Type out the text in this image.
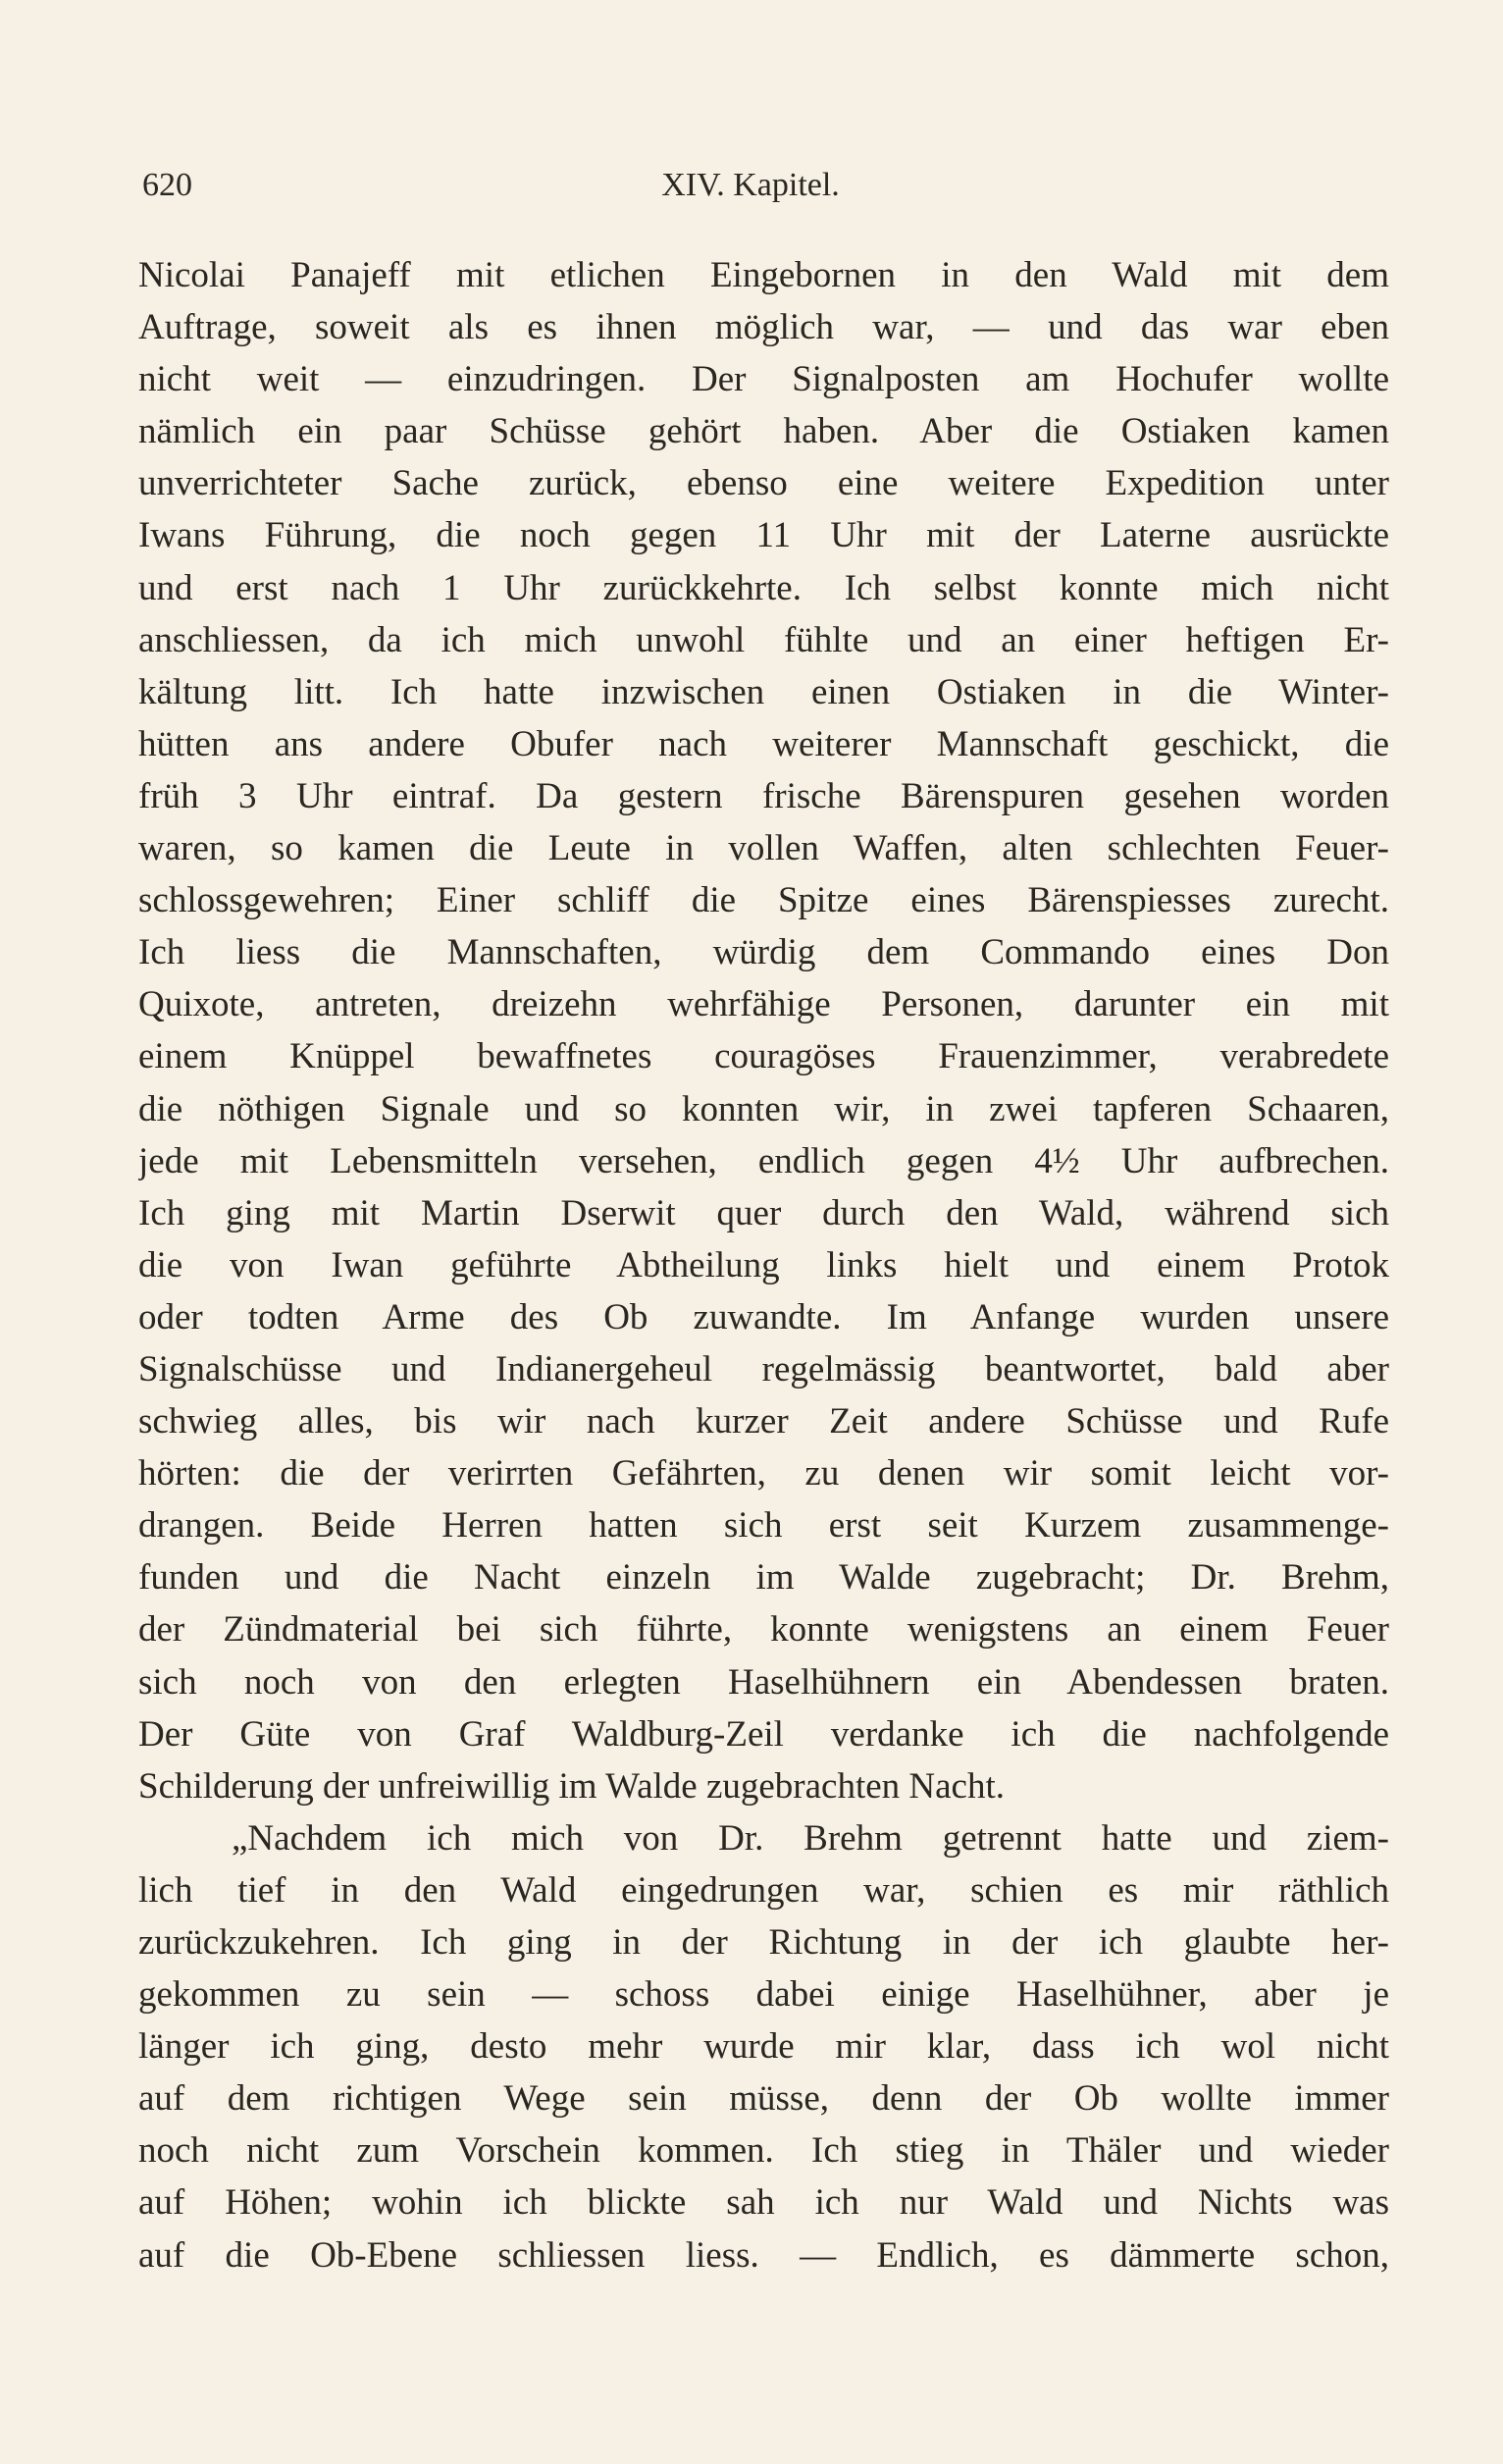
620	XIV. Kapitel.
Nicolai Panajeff mit etlichen Eingebornen in den Wald mit dem
Auftrage, soweit als es ihnen möglich war, — und das war eben
nicht weit — einzudringen. Der Signalposten am Hochufer wollte
nämlich ein paar Schüsse gehört haben. Aber die Ostiaken kamen
unverrichteter Sache zurück, ebenso eine weitere Expedition unter
Iwans Führung, die noch gegen 11 Uhr mit der Laterne ausrückte
und erst nach 1 Uhr zurückkehrte. Ich selbst konnte mich nicht
anschliessen, da ich mich unwohl fühlte und an einer heftigen Er-
kältung litt. Ich hatte inzwischen einen Ostiaken in die Winter-
hütten ans andere Obufer nach weiterer Mannschaft geschickt, die
früh 3 Uhr eintraf. Da gestern frische Bärenspuren gesehen worden
waren, so kamen die Leute in vollen Waffen, alten schlechten Feuer-
schlossgewehren; Einer schliff die Spitze eines Bärenspiesses zurecht.
Ich liess die Mannschaften, würdig dem Commando eines Don
Quixote, antreten, dreizehn wehrfähige Personen, darunter ein mit
einem Knüppel bewaffnetes couragöses Frauenzimmer, verabredete
die nöthigen Signale und so konnten wir, in zwei tapferen Schaaren,
jede mit Lebensmitteln versehen, endlich gegen 4½ Uhr aufbrechen.
Ich ging mit Martin Dserwit quer durch den Wald, während sich
die von Iwan geführte Abtheilung links hielt und einem Protok
oder todten Arme des Ob zuwandte. Im Anfange wurden unsere
Signalschüsse und Indianergeheul regelmässig beantwortet, bald aber
schwieg alles, bis wir nach kurzer Zeit andere Schüsse und Rufe
hörten: die der verirrten Gefährten, zu denen wir somit leicht vor-
drangen. Beide Herren hatten sich erst seit Kurzem zusammenge-
funden und die Nacht einzeln im Walde zugebracht; Dr. Brehm,
der Zündmaterial bei sich führte, konnte wenigstens an einem Feuer
sich noch von den erlegten Haselhühnern ein Abendessen braten.
Der Güte von Graf Waldburg-Zeil verdanke ich die nachfolgende
Schilderung der unfreiwillig im Walde zugebrachten Nacht.
„Nachdem ich mich von Dr. Brehm getrennt hatte und ziem-
lich tief in den Wald eingedrungen war, schien es mir räthlich
zurückzukehren. Ich ging in der Richtung in der ich glaubte her-
gekommen zu sein — schoss dabei einige Haselhühner, aber je
länger ich ging, desto mehr wurde mir klar, dass ich wol nicht
auf dem richtigen Wege sein müsse, denn der Ob wollte immer
noch nicht zum Vorschein kommen. Ich stieg in Thäler und wieder
auf Höhen; wohin ich blickte sah ich nur Wald und Nichts was
auf die Ob-Ebene schliessen liess. — Endlich, es dämmerte schon,
